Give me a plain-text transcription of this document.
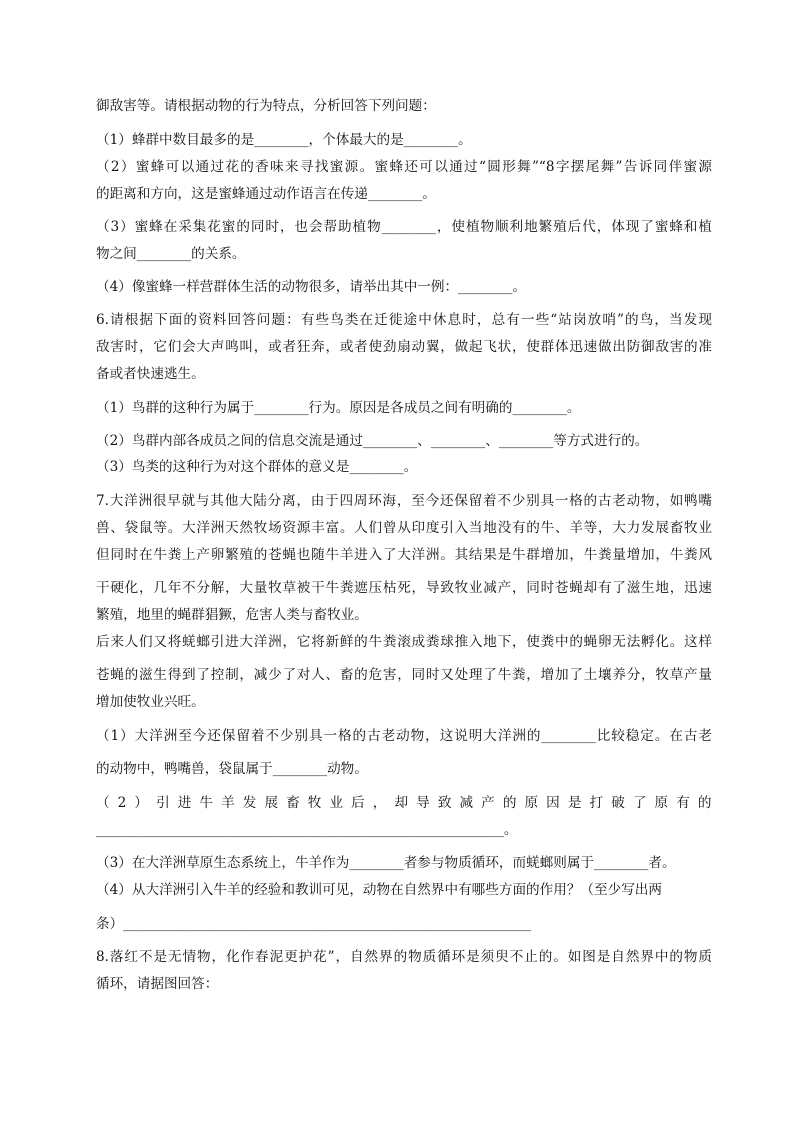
御敌害等。请根据动物的行为特点，分析回答下列问题：
（1）蜂群中数目最多的是________，个体最大的是________。
（2）蜜蜂可以通过花的香味来寻找蜜源。蜜蜂还可以通过“圆形舞”“8字摆尾舞”告诉同伴蜜源
的距离和方向，这是蜜蜂通过动作语言在传递________。
（3）蜜蜂在采集花蜜的同时，也会帮助植物________，使植物顺利地繁殖后代，体现了蜜蜂和植
物之间________的关系。
（4）像蜜蜂一样营群体生活的动物很多，请举出其中一例：________。
6.请根据下面的资料回答问题：有些鸟类在迁徙途中休息时，总有一些“站岗放哨”的鸟，当发现
敌害时，它们会大声鸣叫，或者狂奔，或者使劲扇动翼，做起飞状，使群体迅速做出防御敌害的准
备或者快速逃生。
（1）鸟群的这种行为属于________行为。原因是各成员之间有明确的________。
（2）鸟群内部各成员之间的信息交流是通过________、________、________等方式进行的。
（3）鸟类的这种行为对这个群体的意义是________。
7.大洋洲很早就与其他大陆分离，由于四周环海，至今还保留着不少别具一格的古老动物，如鸭嘴
兽、袋鼠等。大洋洲天然牧场资源丰富。人们曾从印度引入当地没有的牛、羊等，大力发展畜牧业
但同时在牛粪上产卵繁殖的苍蝇也随牛羊进入了大洋洲。其结果是牛群增加，牛粪量增加，牛粪风
干硬化，几年不分解，大量牧草被干牛粪遮压枯死，导致牧业减产，同时苍蝇却有了滋生地，迅速
繁殖，地里的蝇群猖獗，危害人类与畜牧业。
后来人们又将蜣螂引进大洋洲，它将新鲜的牛粪滚成粪球推入地下，使粪中的蝇卵无法孵化。这样
苍蝇的滋生得到了控制，减少了对人、畜的危害，同时又处理了牛粪，增加了土壤养分，牧草产量
增加使牧业兴旺。
（1）大洋洲至今还保留着不少别具一格的古老动物，这说明大洋洲的________比较稳定。在古老
的动物中，鸭嘴兽，袋鼠属于________动物。
（2）引进牛羊发展畜牧业后，却导致减产的原因是打破了原有的
____________________________________________________________。
（3）在大洋洲草原生态系统上，牛羊作为________者参与物质循环，而蜣螂则属于________者。
（4）从大洋洲引入牛羊的经验和教训可见，动物在自然界中有哪些方面的作用？（至少写出两
条）____________________________________________________________
8.落红不是无情物，化作春泥更护花”，自然界的物质循环是须臾不止的。如图是自然界中的物质
循环，请据图回答：
